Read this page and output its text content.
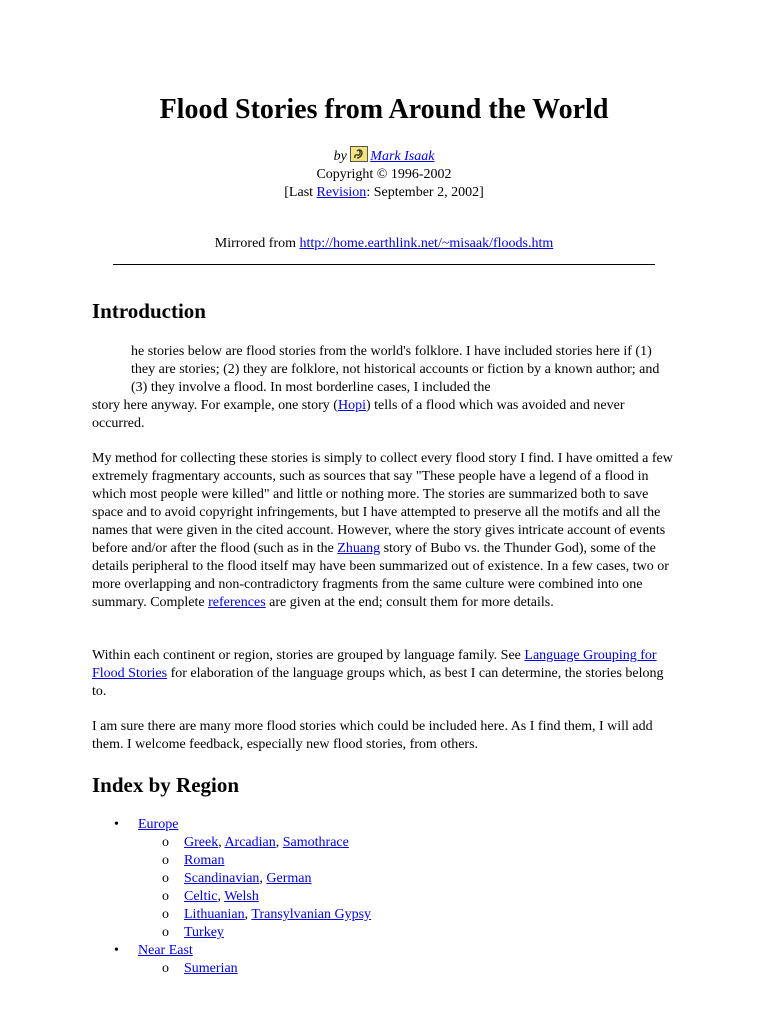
Flood Stories from Around the World
by Mark Isaak
Copyright © 1996-2002
[Last Revision: September 2, 2002]
Mirrored from http://home.earthlink.net/~misaak/floods.htm
Introduction

he stories below are flood stories from the world's folklore. I have included stories here if (1) they are stories; (2) they are folklore, not historical accounts or fiction by a known author; and (3) they involve a flood. In most borderline cases, I included the
story here anyway. For example, one story (Hopi) tells of a flood which was avoided and never occurred.

My method for collecting these stories is simply to collect every flood story I find. I have omitted a few extremely fragmentary accounts, such as sources that say "These people have a legend of a flood in which most people were killed" and little or nothing more. The stories are summarized both to save space and to avoid copyright infringements, but I have attempted to preserve all the motifs and all the names that were given in the cited account. However, where the story gives intricate account of events before and/or after the flood (such as in the Zhuang story of Bubo vs. the Thunder God), some of the details peripheral to the flood itself may have been summarized out of existence. In a few cases, two or more overlapping and non-contradictory fragments from the same culture were combined into one summary. Complete references are given at the end; consult them for more details.

Within each continent or region, stories are grouped by language family. See Language Grouping for Flood Stories for elaboration of the language groups which, as best I can determine, the stories belong to.

I am sure there are many more flood stories which could be included here. As I find them, I will add them. I welcome feedback, especially new flood stories, from others.

Index by Region
• Europe
o Greek, Arcadian, Samothrace
o Roman
o Scandinavian, German
o Celtic, Welsh
o Lithuanian, Transylvanian Gypsy
o Turkey
• Near East
o Sumerian
